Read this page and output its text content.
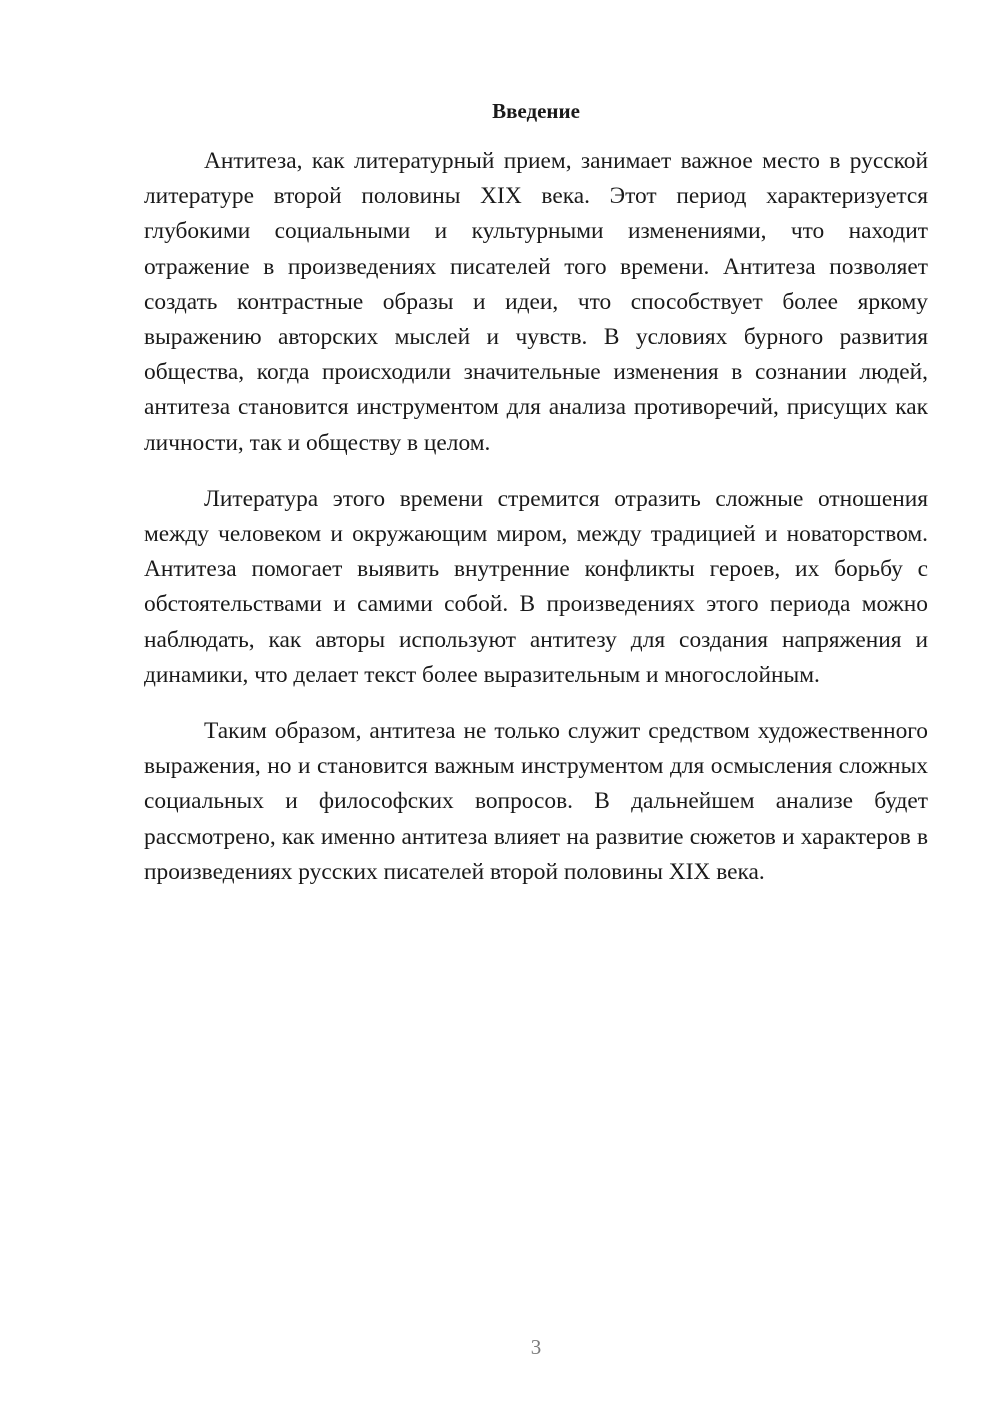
Введение

Антитеза, как литературный прием, занимает важное место в русской литературе второй половины XIX века. Этот период характеризуется глубокими социальными и культурными изменениями, что находит отражение в произведениях писателей того времени. Антитеза позволяет создать контрастные образы и идеи, что способствует более яркому выражению авторских мыслей и чувств. В условиях бурного развития общества, когда происходили значительные изменения в сознании людей, антитеза становится инструментом для анализа противоречий, присущих как личности, так и обществу в целом.

Литература этого времени стремится отразить сложные отношения между человеком и окружающим миром, между традицией и новаторством. Антитеза помогает выявить внутренние конфликты героев, их борьбу с обстоятельствами и самими собой. В произведениях этого периода можно наблюдать, как авторы используют антитезу для создания напряжения и динамики, что делает текст более выразительным и многослойным.

Таким образом, антитеза не только служит средством художественного выражения, но и становится важным инструментом для осмысления сложных социальных и философских вопросов. В дальнейшем анализе будет рассмотрено, как именно антитеза влияет на развитие сюжетов и характеров в произведениях русских писателей второй половины XIX века.

3
